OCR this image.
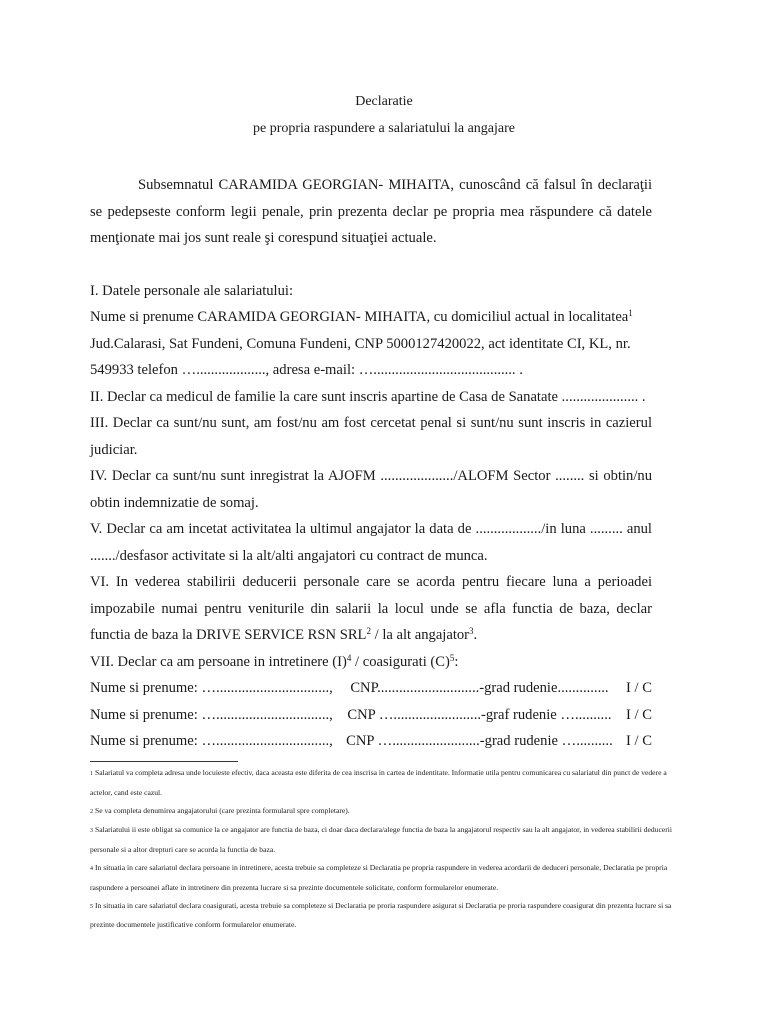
Declaratie
pe propria raspundere a salariatului la angajare

Subsemnatul CARAMIDA GEORGIAN- MIHAITA, cunoscând că falsul în declaraţii se pedepseste conform legii penale, prin prezenta declar pe propria mea răspundere că datele menţionate mai jos sunt reale şi corespund situaţiei actuale.

I. Datele personale ale salariatului:

Nume si prenume CARAMIDA GEORGIAN- MIHAITA, cu domiciliul actual in localitatea$^1$

Jud.Calarasi, Sat Fundeni, Comuna Fundeni, CNP 5000127420022, act identitate CI, KL, nr.

549933 telefon …..................., adresa e-mail: …....................................... .

II. Declar ca medicul de familie la care sunt inscris apartine de Casa de Sanatate ..................... .

III. Declar ca sunt/nu sunt, am fost/nu am fost cercetat penal si sunt/nu sunt inscris in cazierul judiciar.

IV. Declar ca sunt/nu sunt inregistrat la AJOFM ..................../ALOFM Sector ........ si obtin/nu obtin indemnizatie de somaj.

V. Declar ca am incetat activitatea la ultimul angajator la data de ................../in luna ......... anul ......./desfasor activitate si la alt/alti angajatori cu contract de munca.

VI. In vederea stabilirii deducerii personale care se acorda pentru fiecare luna a perioadei impozabile numai pentru veniturile din salarii la locul unde se afla functia de baza, declar functia de baza la DRIVE SERVICE RSN SRL$^2$ / la alt angajator$^3$.

VII. Declar ca am persoane in intretinere $(I)^4$ / coasigurati $(C)^5$:

Nume si prenume: …..............................., CNP............................-grad rudenie.............. I / C
Nume si prenume: …..............................., CNP …........................-graf rudenie ….......... I / C
Nume si prenume: …..............................., CNP …........................-grad rudenie ….......... I / C

1 Salariatul va completa adresa unde locuieste efectiv, daca aceasta este diferita de cea inscrisa in cartea de indentitate. Informatie utila pentru comunicarea cu salariatul din punct de vedere a actelor, cand este cazul.

2 Se va completa denumirea angajatorului (care prezinta formularul spre completare).

3 Salariatului ii este obligat sa comunice la ce angajator are functia de baza, ci doar daca declara/alege functia de baza la angajatorul respectiv sau la alt angajator, in vederea stabilirii deducerii personale si a altor drepturi care se acorda la functia de baza.

4 In situatia in care salariatul declara persoane in intretinere, acesta trebuie sa completeze si Declaratia pe propria raspundere in vederea acordarii de deduceri personale, Declaratia pe propria raspundere a persoanei aflate in intretinere din prezenta lucrare si sa prezinte documentele solicitate, conform formularelor enumerate.

5 In situatia in care salariatul declara coasigurati, acesta trebuie sa completeze si Declaratia pe proria raspundere asigurat si Declaratia pe proria raspundere coasigurat din prezenta lucrare si sa prezinte documentele justificative conform formularelor enumerate.
